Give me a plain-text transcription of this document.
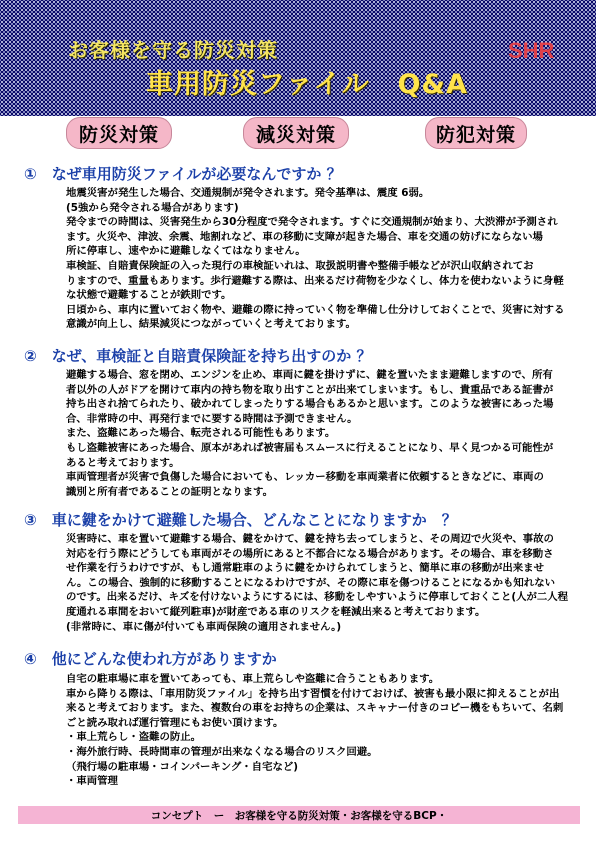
お客様を守る防災対策
車用防災ファイル　Q&A
SHR
防災対策	減災対策	防犯対策
①　なぜ車用防災ファイルが必要なんですか ？
地震災害が発生した場合、交通規制が発令されます。発令基準は、震度 6弱。
(5強から発令される場合があります)
発令までの時間は、災害発生から30分程度で発令されます。すぐに交通規制が始まり、大渋滞が予測され
ます。火災や、津波、余震、地割れなど、車の移動に支障が起きた場合、車を交通の妨げにならない場
所に停車し、速やかに避難しなくてはなりません。
車検証、自賠責保険証の入った現行の車検証いれは、取扱説明書や整備手帳などが沢山収納されてお
りますので、重量もあります。歩行避難する際は、出来るだけ荷物を少なくし、体力を使わないように身軽
な状態で避難することが鉄則です。
日頃から、車内に置いておく物や、避難の際に持っていく物を準備し仕分けしておくことで、災害に対する
意識が向上し、結果減災につながっていくと考えております。
②　なぜ、車検証と自賠責保険証を持ち出すのか ？
避難する場合、窓を閉め、エンジンを止め、車両に鍵を掛けずに、鍵を置いたまま避難しますので、所有
者以外の人がドアを開けて車内の持ち物を取り出すことが出来てしまいます。もし、貴重品である証書が
持ち出され捨てられたり、破かれてしまったりする場合もあるかと思います。このような被害にあった場
合、非常時の中、再発行までに要する時間は予測できません。
また、盗難にあった場合、転売される可能性もあります。
もし盗難被害にあった場合、原本があれば被害届もスムースに行えることになり、早く見つかる可能性が
あると考えております。
車両管理者が災害で負傷した場合においても、レッカー移動を車両業者に依頼するときなどに、車両の
識別と所有者であることの証明となります。
③　車に鍵をかけて避難した場合、どんなことになりますか　？
災害時に、車を置いて避難する場合、鍵をかけて、鍵を持ち去ってしまうと、その周辺で火災や、事故の
対応を行う際にどうしても車両がその場所にあると不都合になる場合があります。その場合、車を移動さ
せ作業を行うわけですが、もし通常駐車のように鍵をかけられてしまうと、簡単に車の移動が出来ませ
ん。この場合、強制的に移動することになるわけですが、その際に車を傷つけることになるかも知れない
のです。出来るだけ、キズを付けないようにするには、移動をしやすいように停車しておくこと(人が二人程
度通れる車間をおいて縦列駐車)が財産である車のリスクを軽減出来ると考えております。
(非常時に、車に傷が付いても車両保険の適用されません。)
④　他にどんな使われ方がありますか
自宅の駐車場に車を置いてあっても、車上荒らしや盗難に合うこともあります。
車から降りる際は、「車用防災ファイル」を持ち出す習慣を付けておけば、被害も最小限に抑えることが出
来ると考えております。また、複数台の車をお持ちの企業は、スキャナー付きのコピー機をもちいて、名刺
ごと読み取れば運行管理にもお使い頂けます。
・車上荒らし・盗難の防止。
・海外旅行時、長時間車の管理が出来なくなる場合のリスク回避。
（飛行場の駐車場・コインパーキング・自宅など)
・車両管理
コンセプト　ー　お客様を守る防災対策・お客様を守るBCP・
